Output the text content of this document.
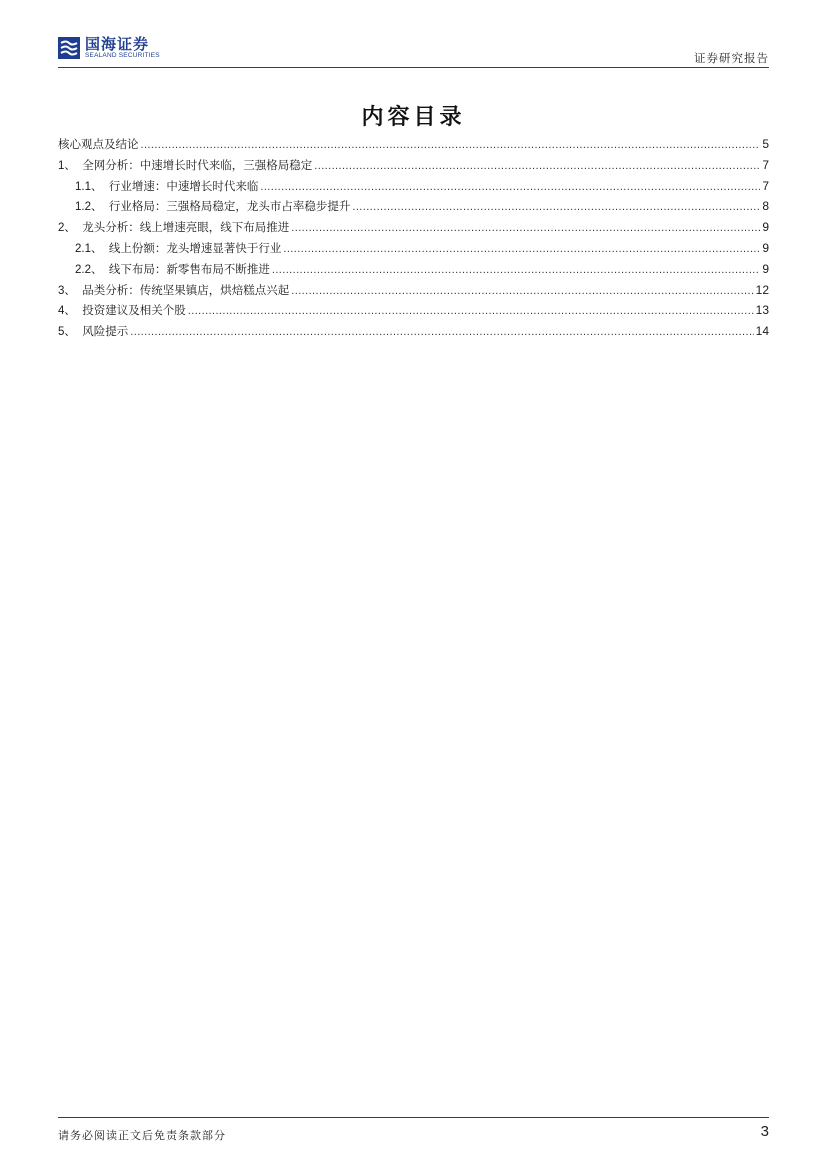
国海证券
SEALAND SECURITIES	证券研究报告
内容目录
核心观点及结论 .....	5
1、 全网分析：中速增长时代来临，三强格局稳定 .....	7
1.1、 行业增速：中速增长时代来临 .....	7
1.2、 行业格局：三强格局稳定，龙头市占率稳步提升 .....	8
2、 龙头分析：线上增速亮眼，线下布局推进 .....	9
2.1、 线上份额：龙头增速显著快于行业 .....	9
2.2、 线下布局：新零售布局不断推进 .....	9
3、 品类分析：传统坚果镇店，烘焙糕点兴起 .....	12
4、 投资建议及相关个股 .....	13
5、 风险提示 .....	14
请务必阅读正文后免责条款部分	3
